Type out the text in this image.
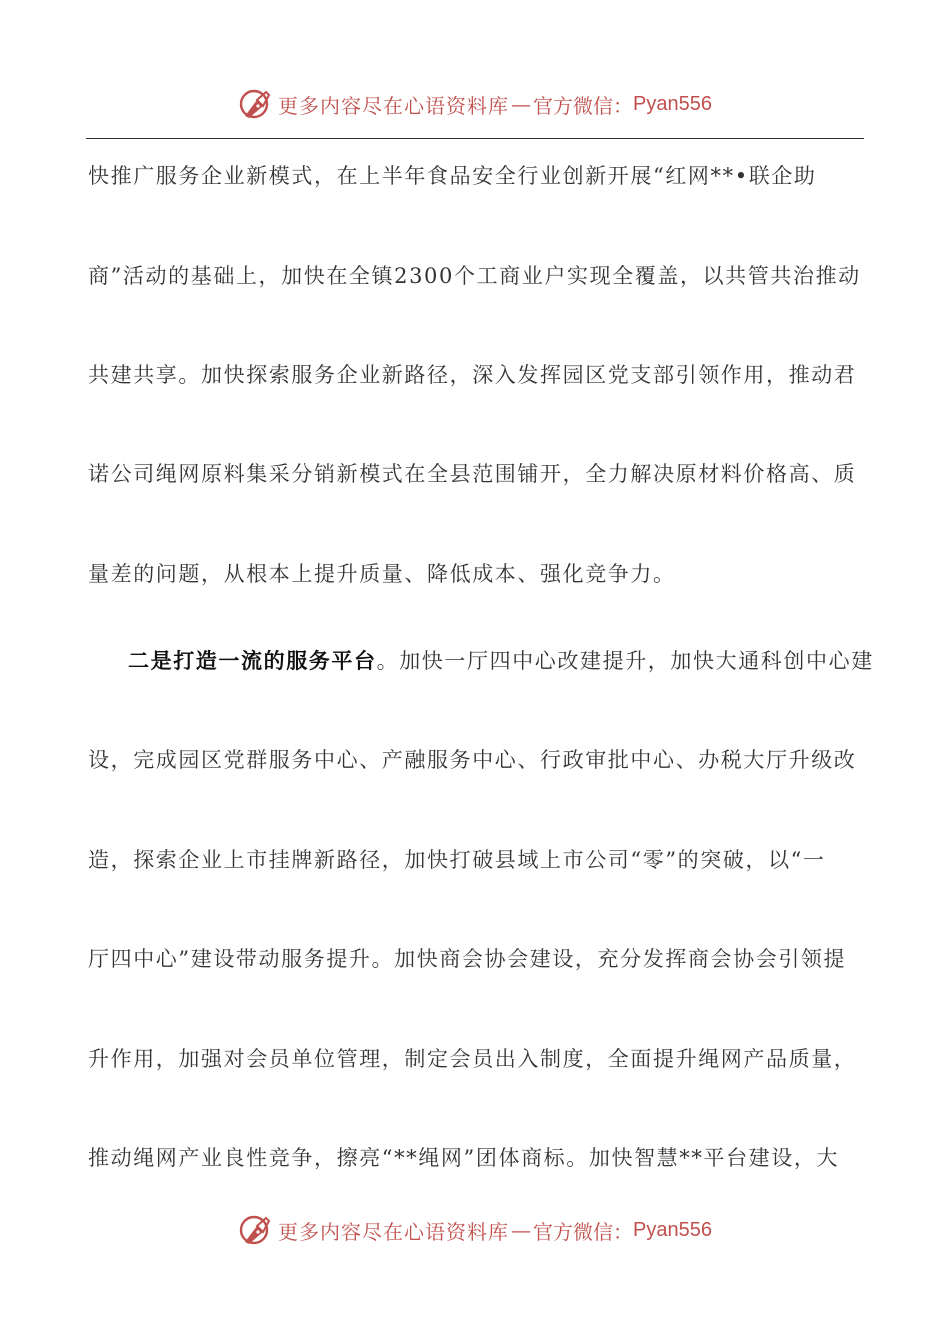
更多内容尽在心语资料库 — 官方微信： Pyan556
快推广服务企业新模式，在上半年食品安全行业创新开展“红网**•联企助
商”活动的基础上，加快在全镇2300个工商业户实现全覆盖，以共管共治推动
共建共享。加快探索服务企业新路径，深入发挥园区党支部引领作用，推动君
诺公司绳网原料集采分销新模式在全县范围铺开，全力解决原材料价格高、质
量差的问题，从根本上提升质量、降低成本、强化竞争力。
二是打造一流的服务平台。加快一厅四中心改建提升，加快大通科创中心建
设，完成园区党群服务中心、产融服务中心、行政审批中心、办税大厅升级改
造，探索企业上市挂牌新路径，加快打破县域上市公司“零”的突破，以“一
厅四中心”建设带动服务提升。加快商会协会建设，充分发挥商会协会引领提
升作用，加强对会员单位管理，制定会员出入制度，全面提升绳网产品质量，
推动绳网产业良性竞争，擦亮“**绳网”团体商标。加快智慧**平台建设，大
更多内容尽在心语资料库 — 官方微信： Pyan556
